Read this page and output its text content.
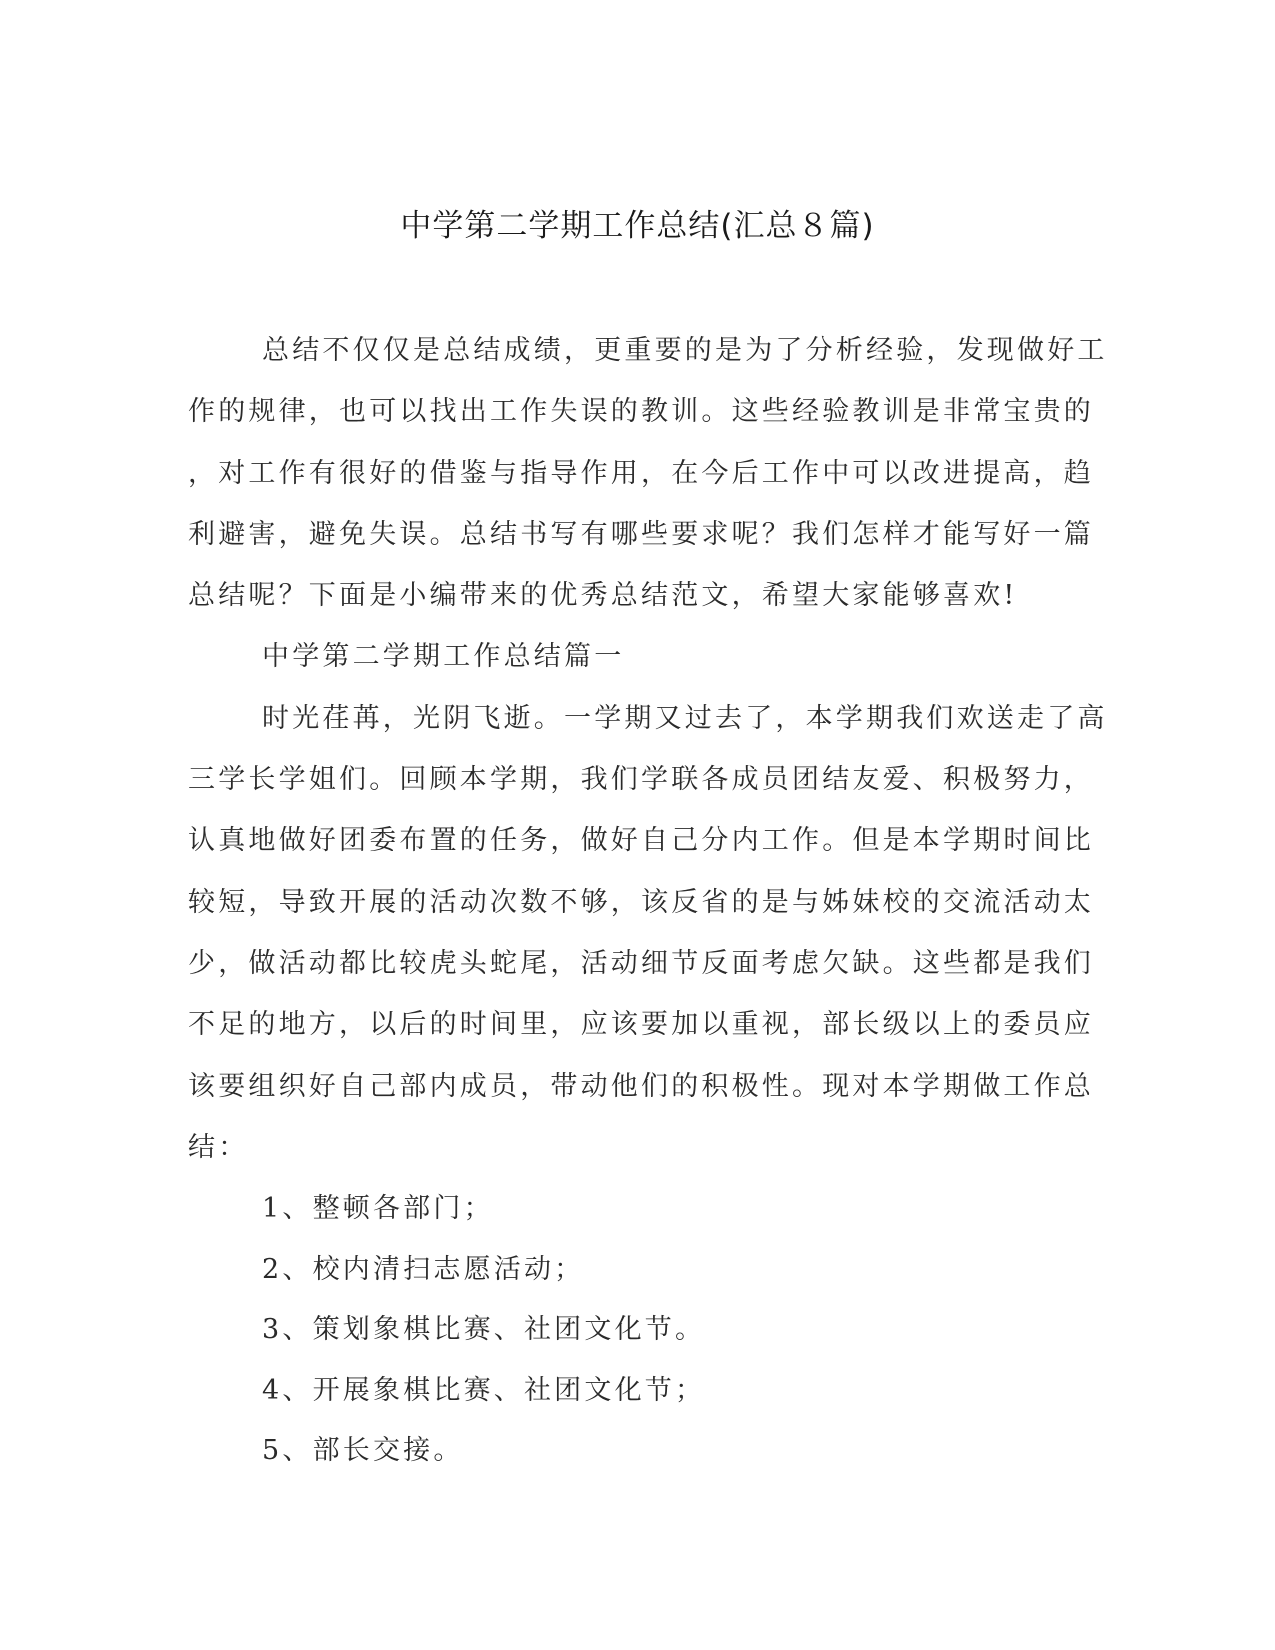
中学第二学期工作总结(汇总８篇)
总结不仅仅是总结成绩，更重要的是为了分析经验，发现做好工
作的规律，也可以找出工作失误的教训。这些经验教训是非常宝贵的
，对工作有很好的借鉴与指导作用，在今后工作中可以改进提高，趋
利避害，避免失误。总结书写有哪些要求呢？我们怎样才能写好一篇
总结呢？下面是小编带来的优秀总结范文，希望大家能够喜欢!
中学第二学期工作总结篇一
时光荏苒，光阴飞逝。一学期又过去了，本学期我们欢送走了高
三学长学姐们。回顾本学期，我们学联各成员团结友爱、积极努力，
认真地做好团委布置的任务，做好自己分内工作。但是本学期时间比
较短，导致开展的活动次数不够，该反省的是与姊妹校的交流活动太
少，做活动都比较虎头蛇尾，活动细节反面考虑欠缺。这些都是我们
不足的地方，以后的时间里，应该要加以重视，部长级以上的委员应
该要组织好自己部内成员，带动他们的积极性。现对本学期做工作总
结：
1、整顿各部门；
2、校内清扫志愿活动；
3、策划象棋比赛、社团文化节。
4、开展象棋比赛、社团文化节；
5、部长交接。
